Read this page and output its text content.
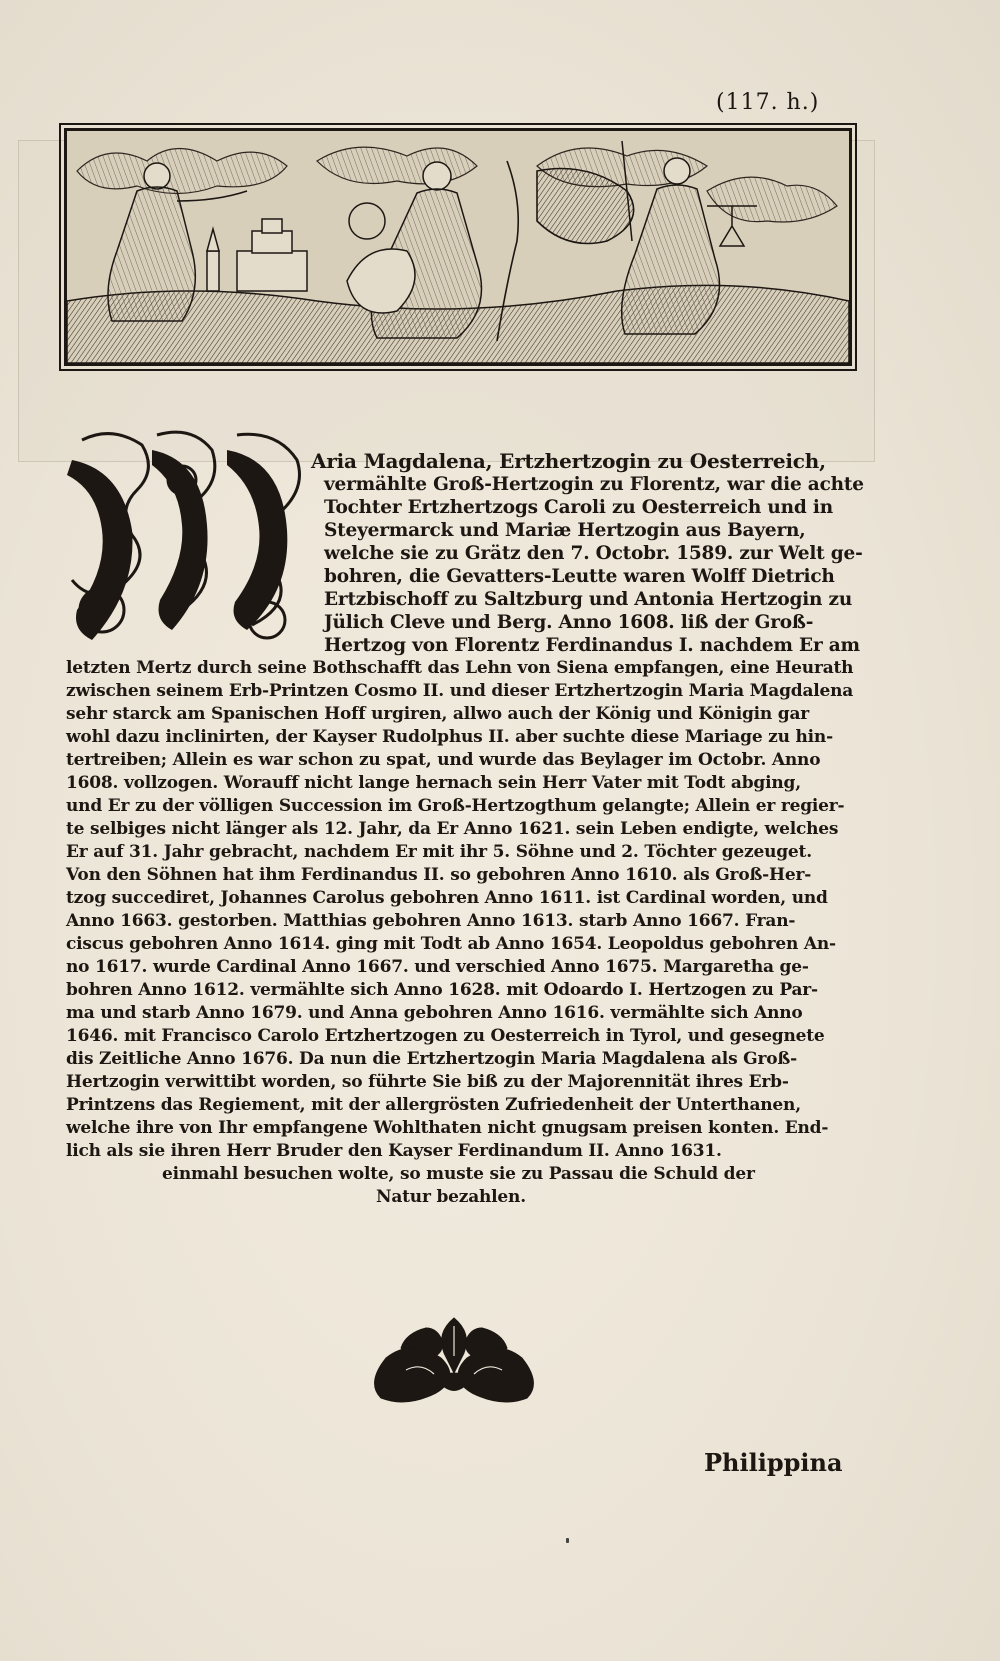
(117. h.)
Aria Magdalena, Ertzhertzogin zu Oesterreich,
vermählte Groß-Hertzogin zu Florentz, war die achte
Tochter Ertzhertzogs Caroli zu Oesterreich und in
Steyermarck und Mariæ Hertzogin aus Bayern,
welche sie zu Grätz den 7. Octobr. 1589. zur Welt ge-
bohren, die Gevatters-Leutte waren Wolff Dietrich
Ertzbischoff zu Saltzburg und Antonia Hertzogin zu
Jülich Cleve und Berg. Anno 1608. liß der Groß-
Hertzog von Florentz Ferdinandus I. nachdem Er am
letzten Mertz durch seine Bothschafft das Lehn von Siena empfangen, eine Heurath
zwischen seinem Erb-Printzen Cosmo II. und dieser Ertzhertzogin Maria Magdalena
sehr starck am Spanischen Hoff urgiren, allwo auch der König und Königin gar
wohl dazu inclinirten, der Kayser Rudolphus II. aber suchte diese Mariage zu hin-
tertreiben; Allein es war schon zu spat, und wurde das Beylager im Octobr. Anno
1608. vollzogen. Worauff nicht lange hernach sein Herr Vater mit Todt abging,
und Er zu der völligen Succession im Groß-Hertzogthum gelangte; Allein er regier-
te selbiges nicht länger als 12. Jahr, da Er Anno 1621. sein Leben endigte, welches
Er auf 31. Jahr gebracht, nachdem Er mit ihr 5. Söhne und 2. Töchter gezeuget.
Von den Söhnen hat ihm Ferdinandus II. so gebohren Anno 1610. als Groß-Her-
tzog succediret, Johannes Carolus gebohren Anno 1611. ist Cardinal worden, und
Anno 1663. gestorben. Matthias gebohren Anno 1613. starb Anno 1667. Fran-
ciscus gebohren Anno 1614. ging mit Todt ab Anno 1654. Leopoldus gebohren An-
no 1617. wurde Cardinal Anno 1667. und verschied Anno 1675. Margaretha ge-
bohren Anno 1612. vermählte sich Anno 1628. mit Odoardo I. Hertzogen zu Par-
ma und starb Anno 1679. und Anna gebohren Anno 1616. vermählte sich Anno
1646. mit Francisco Carolo Ertzhertzogen zu Oesterreich in Tyrol, und gesegnete
dis Zeitliche Anno 1676. Da nun die Ertzhertzogin Maria Magdalena als Groß-
Hertzogin verwittibt worden, so führte Sie biß zu der Majorennität ihres Erb-
Printzens das Regiement, mit der allergrösten Zufriedenheit der Unterthanen,
welche ihre von Ihr empfangene Wohlthaten nicht gnugsam preisen konten. End-
lich als sie ihren Herr Bruder den Kayser Ferdinandum II. Anno 1631.
einmahl besuchen wolte, so muste sie zu Passau die Schuld der
Natur bezahlen.
Philippina
